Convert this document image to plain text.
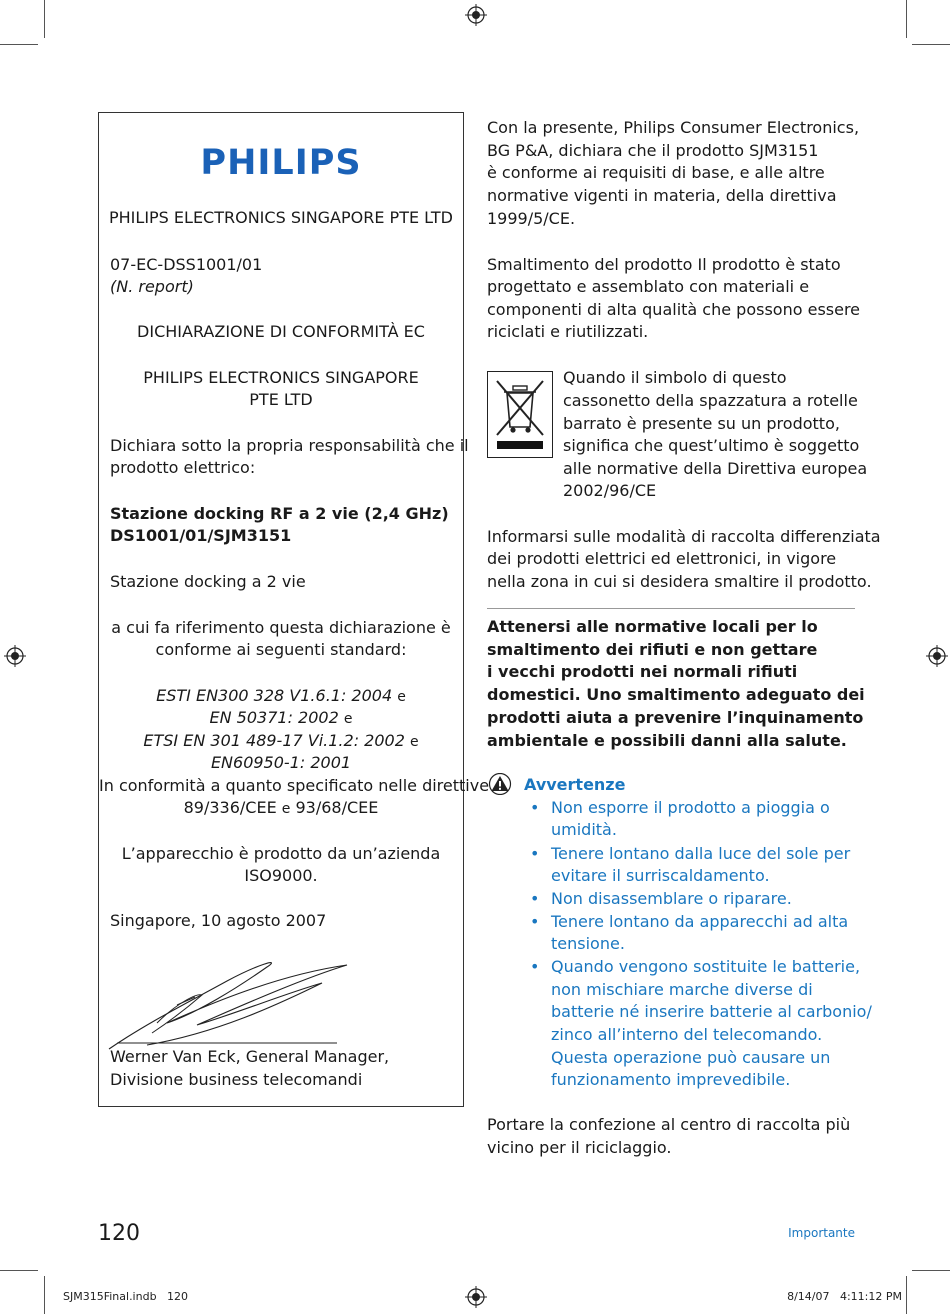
PHILIPS
PHILIPS ELECTRONICS SINGAPORE PTE LTD
07-EC-DSS1001/01
(N. report)
DICHIARAZIONE DI CONFORMITÀ EC
PHILIPS ELECTRONICS SINGAPORE
PTE LTD
Dichiara sotto la propria responsabilità che il
prodotto elettrico:
Stazione docking RF a 2 vie (2,4 GHz)
DS1001/01/SJM3151
Stazione docking a 2 vie
a cui fa riferimento questa dichiarazione è
conforme ai seguenti standard:
ESTI EN300 328 V1.6.1: 2004 e
EN 50371: 2002 e
ETSI EN 301 489-17 Vi.1.2: 2002 e
EN60950-1: 2001
In conformità a quanto specificato nelle direttive
89/336/CEE e 93/68/CEE
L’apparecchio è prodotto da un’azienda
ISO9000.
Singapore, 10 agosto 2007
Werner Van Eck, General Manager,
Divisione business telecomandi
Con la presente, Philips Consumer Electronics,
BG P&A, dichiara che il prodotto SJM3151
è conforme ai requisiti di base, e alle altre
normative vigenti in materia, della direttiva
1999/5/CE.
Smaltimento del prodotto Il prodotto è stato
progettato e assemblato con materiali e
componenti di alta qualità che possono essere
riciclati e riutilizzati.
Quando il simbolo di questo
cassonetto della spazzatura a rotelle
barrato è presente su un prodotto,
significa che quest’ultimo è soggetto
alle normative della Direttiva europea
2002/96/CE
Informarsi sulle modalità di raccolta differenziata
dei prodotti elettrici ed elettronici, in vigore
nella zona in cui si desidera smaltire il prodotto.
Attenersi alle normative locali per lo
smaltimento dei rifiuti e non gettare
i vecchi prodotti nei normali rifiuti
domestici. Uno smaltimento adeguato dei
prodotti aiuta a prevenire l’inquinamento
ambientale e possibili danni alla salute.
Avvertenze
• Non esporre il prodotto a pioggia o
umidità.
• Tenere lontano dalla luce del sole per
evitare il surriscaldamento.
• Non disassemblare o riparare.
• Tenere lontano da apparecchi ad alta
tensione.
• Quando vengono sostituite le batterie,
non mischiare marche diverse di
batterie né inserire batterie al carbonio/
zinco all’interno del telecomando.
Questa operazione può causare un
funzionamento imprevedibile.
Portare la confezione al centro di raccolta più
vicino per il riciclaggio.
120	Importante
SJM315Final.indb   120	8/14/07   4:11:12 PM
